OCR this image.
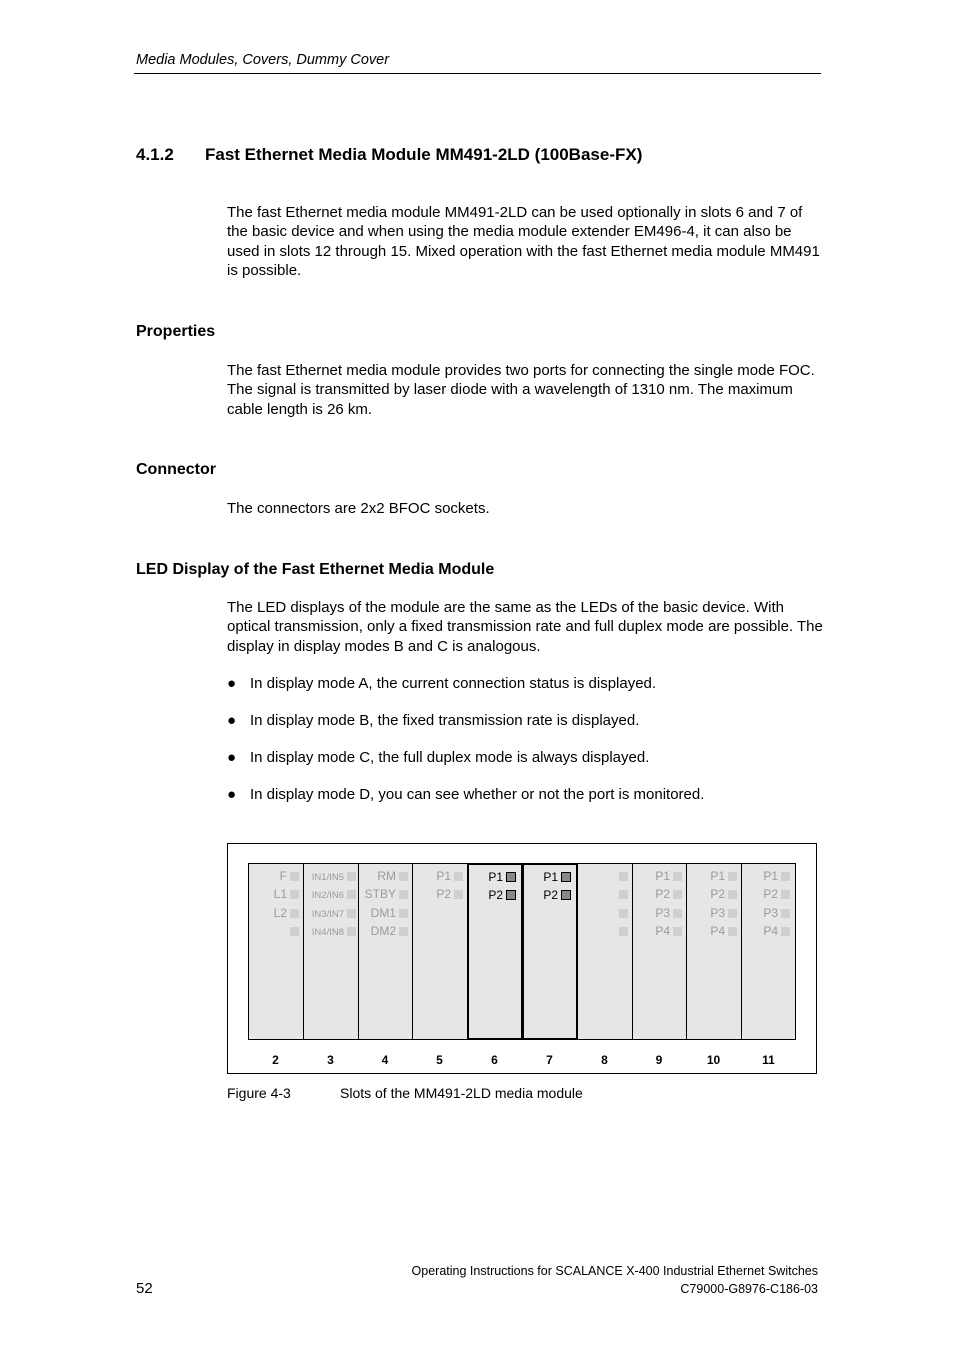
Media Modules, Covers, Dummy Cover
4.1.2 Fast Ethernet Media Module MM491-2LD (100Base-FX)
The fast Ethernet media module MM491-2LD can be used optionally in slots 6 and 7 of the basic device and when using the media module extender EM496-4, it can also be used in slots 12 through 15. Mixed operation with the fast Ethernet media module MM491 is possible.
Properties
The fast Ethernet media module provides two ports for connecting the single mode FOC. The signal is transmitted by laser diode with a wavelength of 1310 nm. The maximum cable length is 26 km.
Connector
The connectors are 2x2 BFOC sockets.
LED Display of the Fast Ethernet Media Module
The LED displays of the module are the same as the LEDs of the basic device. With optical transmission, only a fixed transmission rate and full duplex mode are possible. The display in display modes B and C is analogous.
● In display mode A, the current connection status is displayed.
● In display mode B, the fixed transmission rate is displayed.
● In display mode C, the full duplex mode is always displayed.
● In display mode D, you can see whether or not the port is monitored.
F
L1
L2
2
IN1/IN5
IN2/IN6
IN3/IN7
IN4/IN8
3
RM
STBY
DM1
DM2
4
P1
P2
5
P1
P2
6
P1
P2
7	8
P1
P2
P3
P4
9
P1
P2
P3
P4
10
P1
P2
P3
P4
11
Figure 4-3	Slots of the MM491-2LD media module
52
Operating Instructions for SCALANCE X-400 Industrial Ethernet Switches
C79000-G8976-C186-03
